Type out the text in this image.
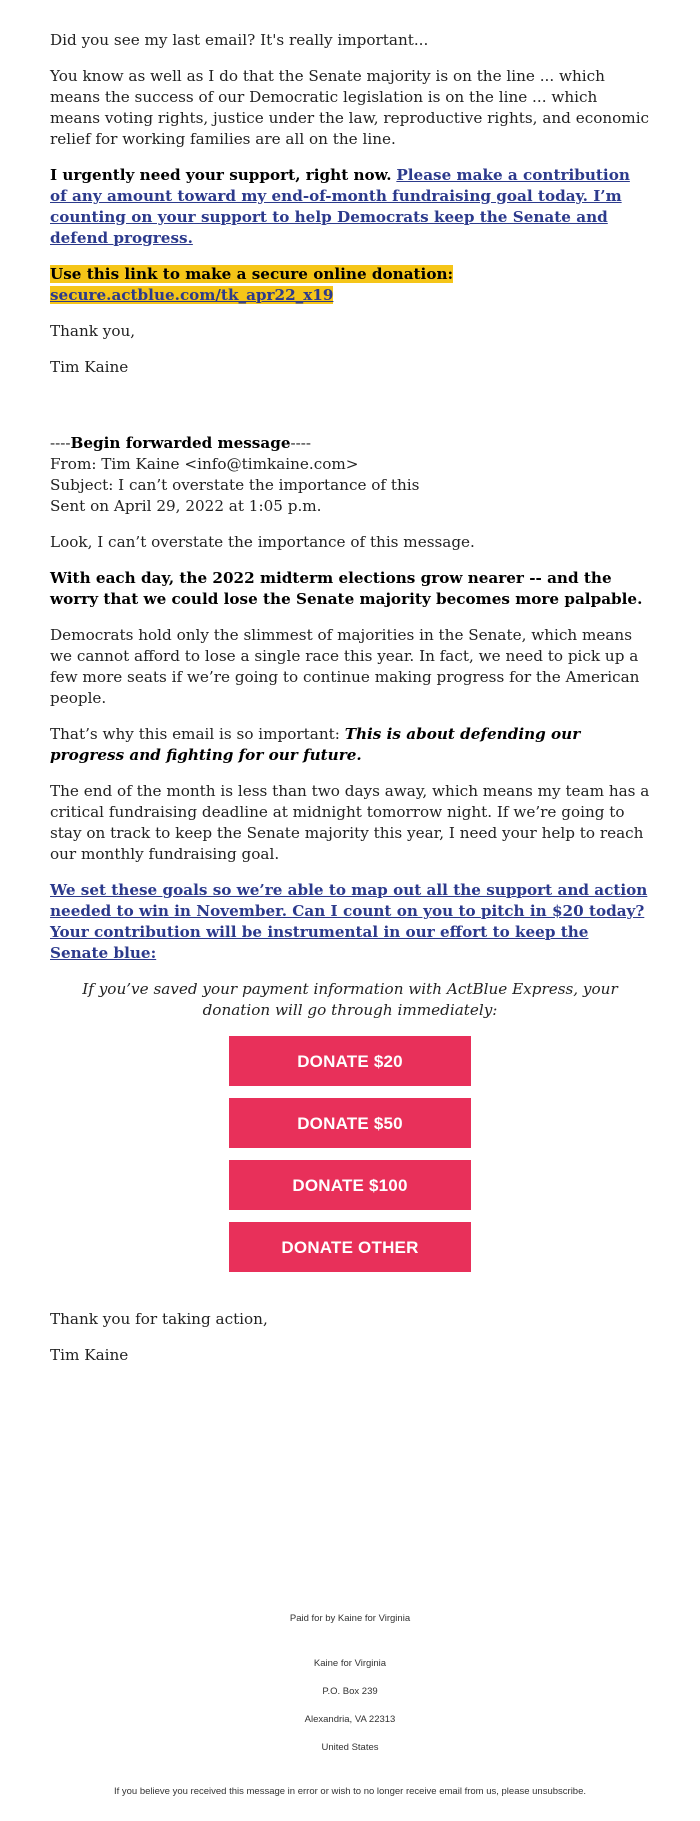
Did you see my last email? It's really important...

You know as well as I do that the Senate majority is on the line ... which means the success of our Democratic legislation is on the line ... which means voting rights, justice under the law, reproductive rights, and economic relief for working families are all on the line.

I urgently need your support, right now. Please make a contribution of any amount toward my end-of-month fundraising goal today. I’m counting on your support to help Democrats keep the Senate and defend progress.

Use this link to make a secure online donation:
secure.actblue.com/tk_apr22_x19

Thank you,

Tim Kaine

----Begin forwarded message----
From: Tim Kaine <info@timkaine.com>
Subject: I can’t overstate the importance of this
Sent on April 29, 2022 at 1:05 p.m.

Look, I can’t overstate the importance of this message.

With each day, the 2022 midterm elections grow nearer -- and the worry that we could lose the Senate majority becomes more palpable.

Democrats hold only the slimmest of majorities in the Senate, which means we cannot afford to lose a single race this year. In fact, we need to pick up a few more seats if we’re going to continue making progress for the American people.

That’s why this email is so important: This is about defending our progress and fighting for our future.

The end of the month is less than two days away, which means my team has a critical fundraising deadline at midnight tomorrow night. If we’re going to stay on track to keep the Senate majority this year, I need your help to reach our monthly fundraising goal.

We set these goals so we’re able to map out all the support and action needed to win in November. Can I count on you to pitch in $20 today? Your contribution will be instrumental in our effort to keep the Senate blue:

If you’ve saved your payment information with ActBlue Express, your donation will go through immediately:

DONATE $20
DONATE $50
DONATE $100
DONATE OTHER

Thank you for taking action,

Tim Kaine

Paid for by Kaine for Virginia
Kaine for Virginia
P.O. Box 239
Alexandria, VA 22313
United States
If you believe you received this message in error or wish to no longer receive email from us, please unsubscribe.
